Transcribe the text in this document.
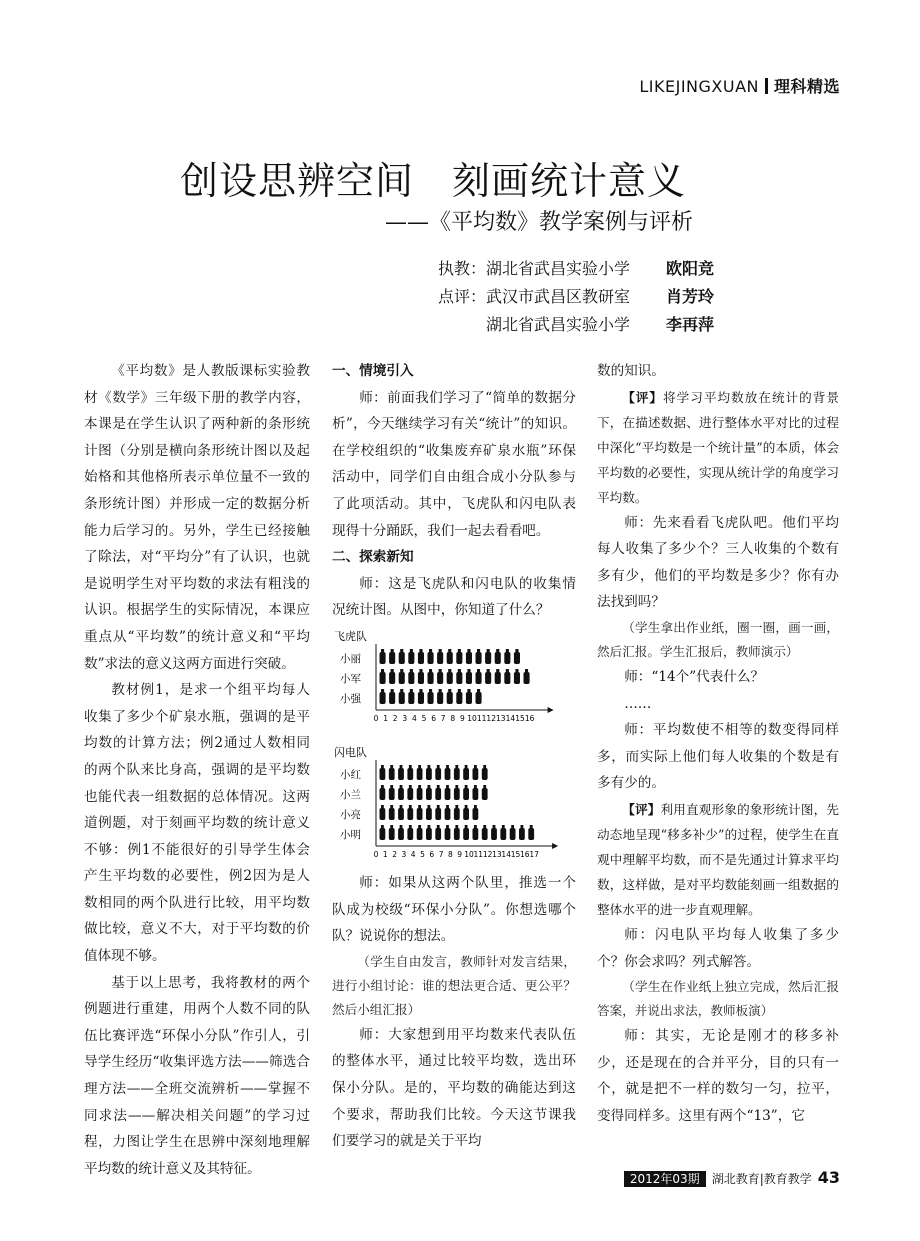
LIKEJINGXUAN 理科精选
创设思辨空间 刻画统计意义
——《平均数》教学案例与评析
执教：湖北省武昌实验小学 欧阳竞
点评：武汉市武昌区教研室 肖芳玲
湖北省武昌实验小学 李再萍

《平均数》是人教版课标实验教材《数学》三年级下册的教学内容，本课是在学生认识了两种新的条形统计图（分别是横向条形统计图以及起始格和其他格所表示单位量不一致的条形统计图）并形成一定的数据分析能力后学习的。另外，学生已经接触了除法，对“平均分”有了认识，也就是说明学生对平均数的求法有粗浅的认识。根据学生的实际情况，本课应重点从“平均数”的统计意义和“平均数”求法的意义这两方面进行突破。

教材例1，是求一个组平均每人收集了多少个矿泉水瓶，强调的是平均数的计算方法；例2通过人数相同的两个队来比身高，强调的是平均数也能代表一组数据的总体情况。这两道例题，对于刻画平均数的统计意义不够：例1不能很好的引导学生体会产生平均数的必要性，例2因为是人数相同的两个队进行比较，用平均数做比较，意义不大，对于平均数的价值体现不够。

基于以上思考，我将教材的两个例题进行重建，用两个人数不同的队伍比赛评选“环保小分队”作引人，引导学生经历“收集评选方法——筛选合理方法——全班交流辨析——掌握不同求法——解决相关问题”的学习过程，力图让学生在思辨中深刻地理解平均数的统计意义及其特征。

一、情境引入

师：前面我们学习了“简单的数据分析”，今天继续学习有关“统计”的知识。在学校组织的“收集废弃矿泉水瓶”环保活动中，同学们自由组合成小分队参与了此项活动。其中，飞虎队和闪电队表现得十分踊跃，我们一起去看看吧。

二、探索新知

师：这是飞虎队和闪电队的收集情况统计图。从图中，你知道了什么？

飞虎队
小丽
小军
小强
0 1 2 3 4 5 6 7 8 9 10 11 12 13 14 15 16
闪电队
小红
小兰
小亮
小明
0 1 2 3 4 5 6 7 8 9 10 11 12 13 14 15 16 17

师：如果从这两个队里，推选一个队成为校级“环保小分队”。你想选哪个队？说说你的想法。

（学生自由发言，教师针对发言结果，进行小组讨论：谁的想法更合适、更公平？然后小组汇报）

师：大家想到用平均数来代表队伍的整体水平，通过比较平均数，选出环保小分队。是的，平均数的确能达到这个要求，帮助我们比较。今天这节课我们要学习的就是关于平均

数的知识。

【评】将学习平均数放在统计的背景下，在描述数据、进行整体水平对比的过程中深化“平均数是一个统计量”的本质，体会平均数的必要性，实现从统计学的角度学习平均数。

师：先来看看飞虎队吧。他们平均每人收集了多少个？三人收集的个数有多有少，他们的平均数是多少？你有办法找到吗？

（学生拿出作业纸，圈一圈，画一画，然后汇报。学生汇报后，教师演示）

师：“14个”代表什么？

……

师：平均数使不相等的数变得同样多，而实际上他们每人收集的个数是有多有少的。

【评】利用直观形象的象形统计图，先动态地呈现“移多补少”的过程，使学生在直观中理解平均数，而不是先通过计算求平均数，这样做，是对平均数能刻画一组数据的整体水平的进一步直观理解。

师：闪电队平均每人收集了多少个？你会求吗？列式解答。

（学生在作业纸上独立完成，然后汇报答案，并说出求法，教师板演）

师：其实，无论是刚才的移多补少，还是现在的合并平分，目的只有一个，就是把不一样的数匀一匀，拉平，变得同样多。这里有两个“13”，它

2012年03期 湖北教育|教育教学 43
